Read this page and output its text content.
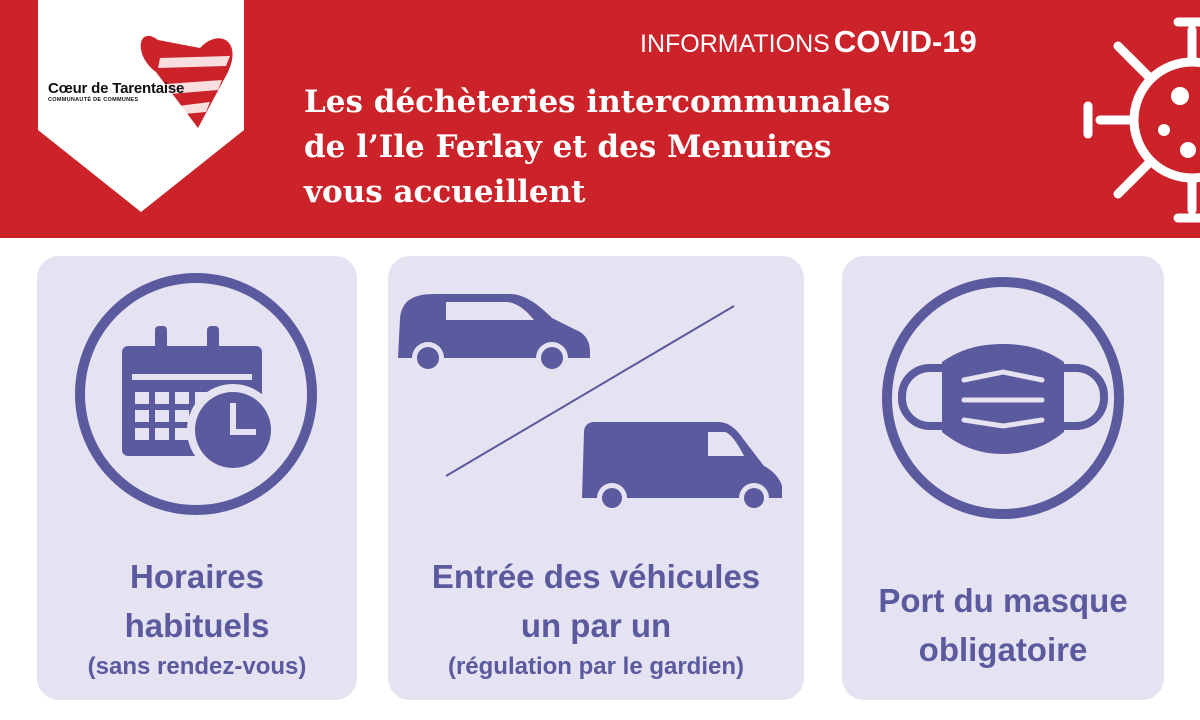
Cœur de Tarentaise
COMMUNAUTÉ DE COMMUNES
INFORMATIONS COVID-19
Les déchèteries intercommunales
de l’Ile Ferlay et des Menuires
vous accueillent
Horaires
habituels
(sans rendez-vous)
Entrée des véhicules
un par un
(régulation par le gardien)
Port du masque
obligatoire
